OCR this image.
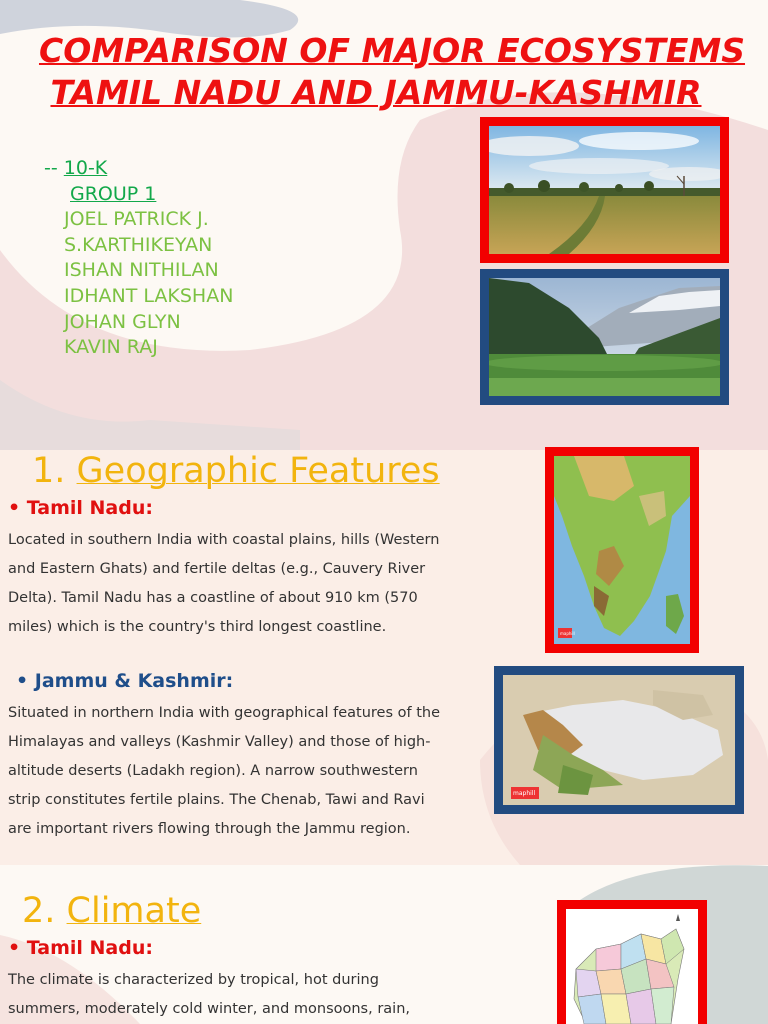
COMPARISON OF MAJOR ECOSYSTEMS
TAMIL NADU AND JAMMU-KASHMIR
-- 10-K
GROUP 1
JOEL PATRICK J.
S.KARTHIKEYAN
ISHAN NITHILAN
IDHANT LAKSHAN
JOHAN GLYN
KAVIN RAJ
1. Geographic Features
• Tamil Nadu:
Located in southern India with coastal plains, hills (Western
and Eastern Ghats) and fertile deltas (e.g., Cauvery River
Delta). Tamil Nadu has a coastline of about 910 km (570
miles) which is the country's third longest coastline.	maphill
• Jammu & Kashmir:
Situated in northern India with geographical features of the
Himalayas and valleys (Kashmir Valley) and those of high-
altitude deserts (Ladakh region). A narrow southwestern
strip constitutes fertile plains. The Chenab, Tawi and Ravi
are important rivers flowing through the Jammu region.
maphill
2. Climate
• Tamil Nadu:
The climate is characterized by tropical, hot during
summers, moderately cold winter, and monsoons, rain,
